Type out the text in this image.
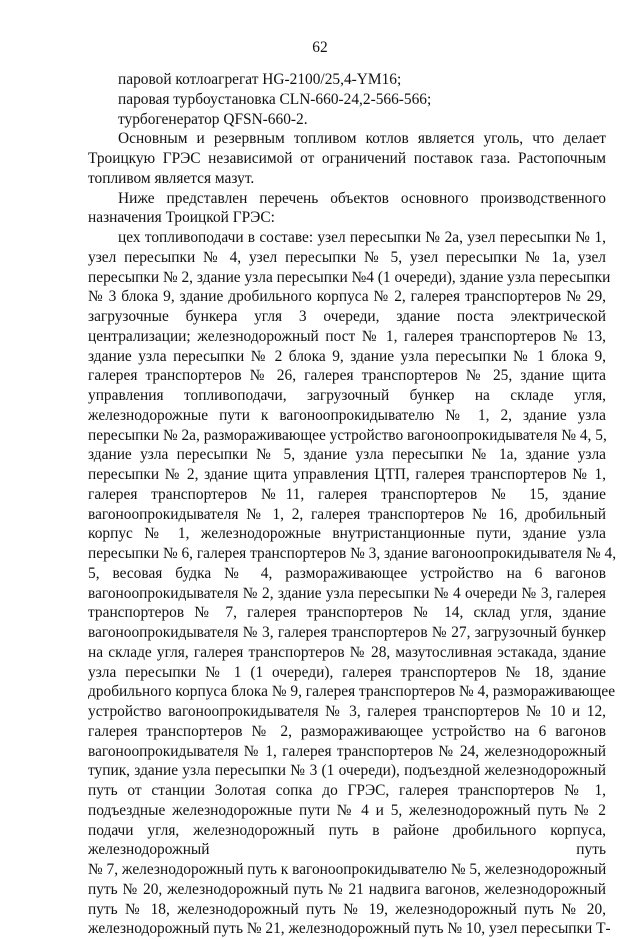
62
паровой котлоагрегат HG-2100/25,4-YM16;
паровая турбоустановка CLN-660-24,2-566-566;
турбогенератор QFSN-660-2.
Основным и резервным топливом котлов является уголь, что делает
Троицкую ГРЭС независимой от ограничений поставок газа. Растопочным
топливом является мазут.
Ниже представлен перечень объектов основного производственного
назначения Троицкой ГРЭС:
цех топливоподачи в составе: узел пересыпки № 2а, узел пересыпки № 1,
узел пересыпки № 4, узел пересыпки № 5, узел пересыпки № 1а, узел
пересыпки № 2, здание узла пересыпки №4 (1 очереди), здание узла пересыпки
№ 3 блока 9, здание дробильного корпуса № 2, галерея транспортеров № 29,
загрузочные бункера угля 3 очереди, здание поста электрической
централизации; железнодорожный пост № 1, галерея транспортеров № 13,
здание узла пересыпки № 2 блока 9, здание узла пересыпки № 1 блока 9,
галерея транспортеров № 26, галерея транспортеров № 25, здание щита
управления топливоподачи, загрузочный бункер на складе угля,
железнодорожные пути к вагоноопрокидывателю № 1, 2, здание узла
пересыпки № 2а, размораживающее устройство вагоноопрокидывателя № 4, 5,
здание узла пересыпки № 5, здание узла пересыпки № 1а, здание узла
пересыпки № 2, здание щита управления ЦТП, галерея транспортеров № 1,
галерея транспортеров №11, галерея транспортеров № 15, здание
вагоноопрокидывателя № 1, 2, галерея транспортеров № 16, дробильный
корпус № 1, железнодорожные внутристанционные пути, здание узла
пересыпки № 6, галерея транспортеров № 3, здание вагоноопрокидывателя № 4,
5, весовая будка № 4, размораживающее устройство на 6 вагонов
вагоноопрокидывателя № 2, здание узла пересыпки № 4 очереди № 3, галерея
транспортеров № 7, галерея транспортеров № 14, склад угля, здание
вагоноопрокидывателя № 3, галерея транспортеров № 27, загрузочный бункер
на складе угля, галерея транспортеров № 28, мазутосливная эстакада, здание
узла пересыпки № 1 (1 очереди), галерея транспортеров № 18, здание
дробильного корпуса блока № 9, галерея транспортеров № 4, размораживающее
устройство вагоноопрокидывателя № 3, галерея транспортеров № 10 и 12,
галерея транспортеров № 2, размораживающее устройство на 6 вагонов
вагоноопрокидывателя № 1, галерея транспортеров № 24, железнодорожный
тупик, здание узла пересыпки № 3 (1 очереди), подъездной железнодорожный
путь от станции Золотая сопка до ГРЭС, галерея транспортеров № 1,
подъездные железнодорожные пути № 4 и 5, железнодорожный путь № 2
подачи угля, железнодорожный путь в районе дробильного корпуса,
железнодорожный путь
№ 7, железнодорожный путь к вагоноопрокидывателю № 5, железнодорожный
путь № 20, железнодорожный путь № 21 надвига вагонов, железнодорожный
путь № 18, железнодорожный путь № 19, железнодорожный путь № 20,
железнодорожный путь № 21, железнодорожный путь № 10, узел пересыпки Т-
